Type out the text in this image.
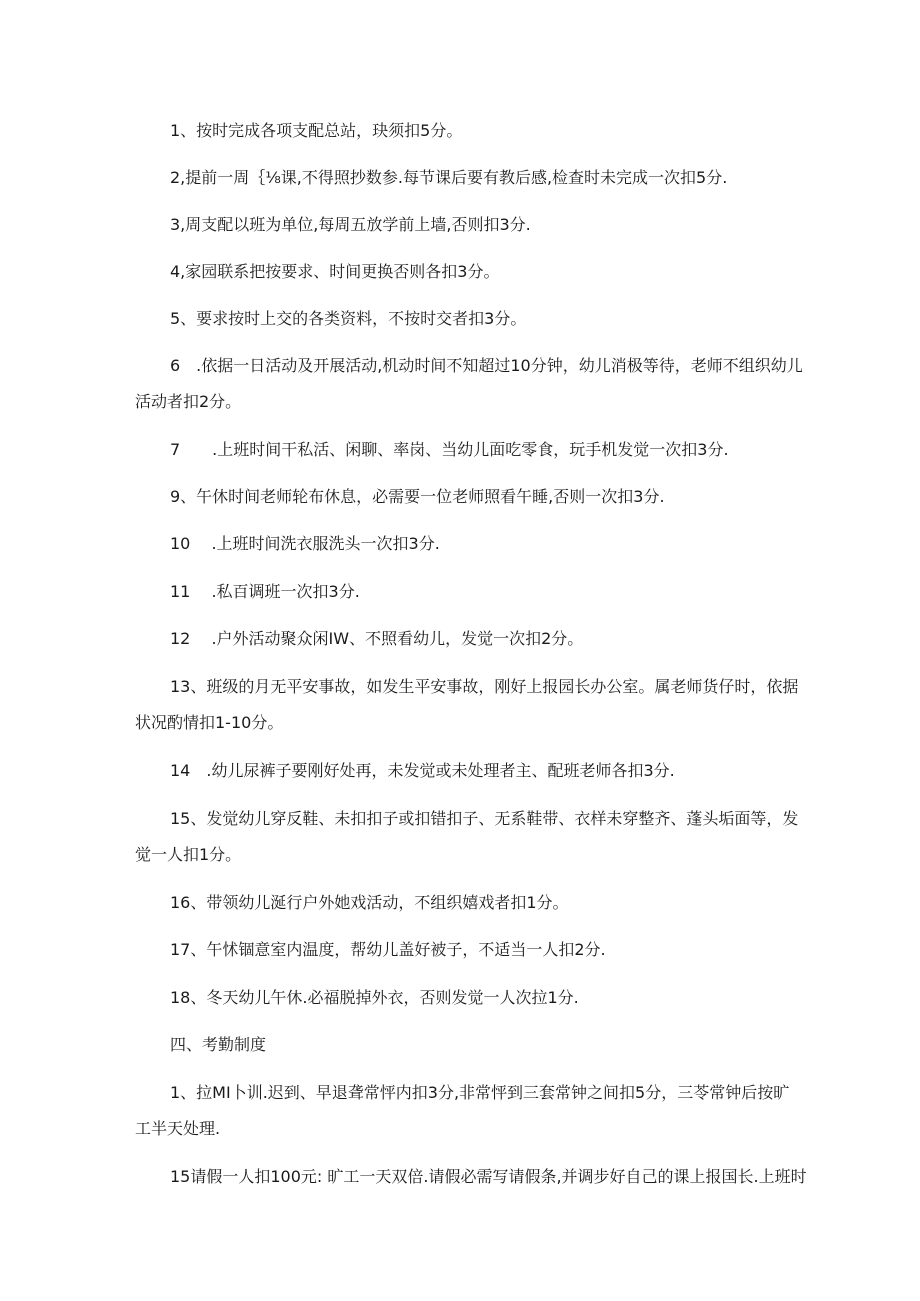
1、按时完成各项支配总站，玦须扣5分。

2,提前一周｛⅛课,不得照抄数参.每节课后要有教后感,检查时未完成一次扣5分.

3,周支配以班为单位,每周五放学前上墙,否则扣3分.

4,家园联系把按要求、时间更换否则各扣3分。

5、要求按时上交的各类资料，不按时交者扣3分。

6　.依据一日活动及开展活动,机动时间不知超过10分钟，幼儿消极等待，老师不组织幼儿

活动者扣2分。

7　　.上班时间干私活、闲聊、率岗、当幼儿面吃零食，玩手机发觉一次扣3分.

9、午休时间老师轮布休息，必需要一位老师照看午睡,否则一次扣3分.

10　 .上班时间洗衣服洗头一次扣3分.

11　 .私百调班一次扣3分.

12　 .户外活动聚众闲IW、不照看幼儿，发觉一次扣2分。

13、班级的月无平安事故，如发生平安事故，刚好上报园长办公室。属老师货仔时，依据

状况酌情扣1-10分。

14　.幼儿尿裤子要刚好处再，未发觉或未处理者主、配班老师各扣3分.

15、发觉幼儿穿反鞋、未扣扣子或扣错扣子、无系鞋带、衣样未穿整齐、蓬头垢面等，发

觉一人扣1分。

16、带领幼儿涎行户外她戏活动，不组织嬉戏者扣1分。

17、午怵锢意室内温度，帮幼儿盖好被子，不适当一人扣2分.

18、冬天幼儿午休.必福脱掉外衣，否则发觉一人次拉1分.

四、考勤制度

1、拉MI卜训.迟到、早退聋常怦内扣3分,非常怦到三套常钟之间扣5分，三苓常钟后按旷

工半天处理.

15请假一人扣100元: 旷工一天双倍.请假必需写请假条,并调步好自己的课上报国长.上班时
